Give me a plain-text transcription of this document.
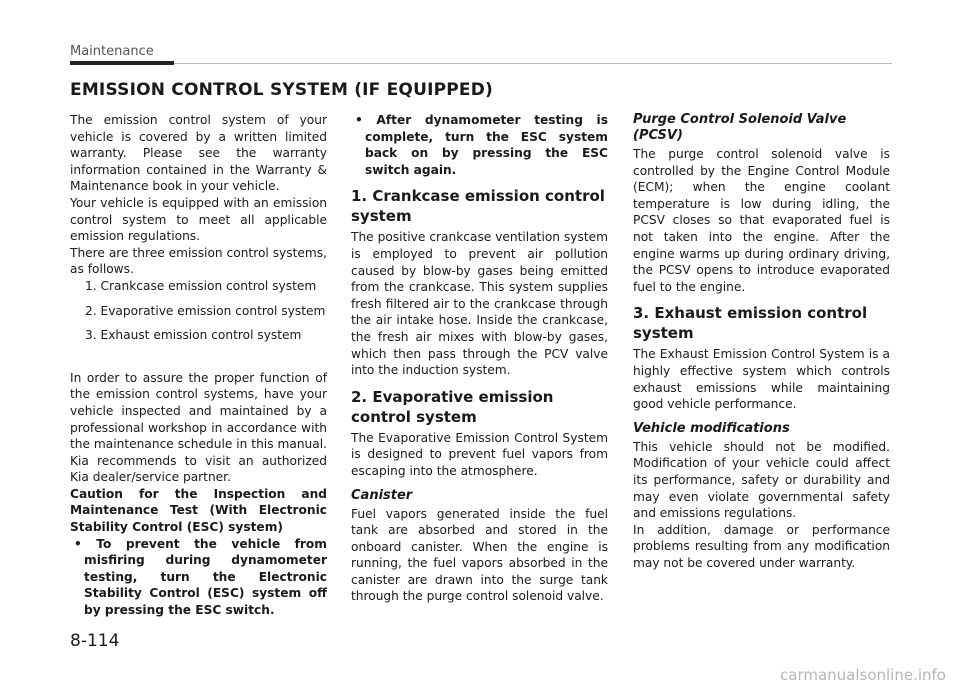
Maintenance
EMISSION CONTROL SYSTEM (IF EQUIPPED)

The emission control system of your vehicle is covered by a written limited warranty. Please see the warranty information contained in the Warranty & Maintenance book in your vehicle.

Your vehicle is equipped with an emission control system to meet all applicable emission regulations.

There are three emission control systems, as follows.

1. Crankcase emission control system

2. Evaporative emission control system

3. Exhaust emission control system

In order to assure the proper function of the emission control systems, have your vehicle inspected and maintained by a professional workshop in accordance with the maintenance schedule in this manual. Kia recommends to visit an authorized Kia dealer/service partner.

Caution for the Inspection and Maintenance Test (With Electronic Stability Control (ESC) system)

• To prevent the vehicle from misfiring during dynamometer testing, turn the Electronic Stability Control (ESC) system off by pressing the ESC switch.

• After dynamometer testing is complete, turn the ESC system back on by pressing the ESC switch again.

1. Crankcase emission control system

The positive crankcase ventilation system is employed to prevent air pollution caused by blow-by gases being emitted from the crankcase. This system supplies fresh filtered air to the crankcase through the air intake hose. Inside the crankcase, the fresh air mixes with blow-by gases, which then pass through the PCV valve into the induction system.

2. Evaporative emission control system

The Evaporative Emission Control System is designed to prevent fuel vapors from escaping into the atmosphere.

Canister

Fuel vapors generated inside the fuel tank are absorbed and stored in the onboard canister. When the engine is running, the fuel vapors absorbed in the canister are drawn into the surge tank through the purge control solenoid valve.

Purge Control Solenoid Valve (PCSV)

The purge control solenoid valve is controlled by the Engine Control Module (ECM); when the engine coolant temperature is low during idling, the PCSV closes so that evaporated fuel is not taken into the engine. After the engine warms up during ordinary driving, the PCSV opens to introduce evaporated fuel to the engine.

3. Exhaust emission control system

The Exhaust Emission Control System is a highly effective system which controls exhaust emissions while maintaining good vehicle performance.

Vehicle modifications

This vehicle should not be modified. Modification of your vehicle could affect its performance, safety or durability and may even violate governmental safety and emissions regulations.

In addition, damage or performance problems resulting from any modification may not be covered under warranty.

8-114
carmanualsonline.info
